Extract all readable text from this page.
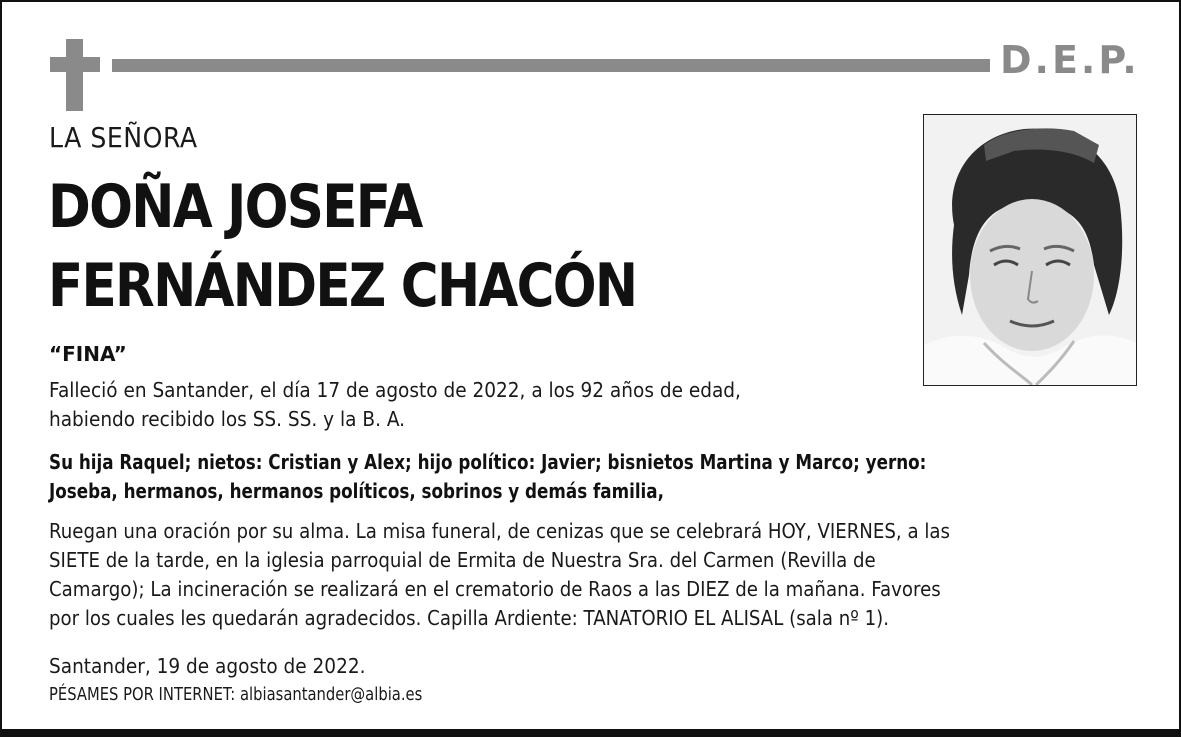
D.E.P.
LA SEÑORA
DOÑA JOSEFA
FERNÁNDEZ CHACÓN
“FINA”
Falleció en Santander, el día 17 de agosto de 2022, a los 92 años de edad,
habiendo recibido los SS. SS. y la B. A.
Su hija Raquel; nietos: Cristian y Alex; hijo político: Javier; bisnietos Martina y Marco; yerno:
Joseba, hermanos, hermanos políticos, sobrinos y demás familia,
Ruegan una oración por su alma. La misa funeral, de cenizas que se celebrará HOY, VIERNES, a las
SIETE de la tarde, en la iglesia parroquial de Ermita de Nuestra Sra. del Carmen (Revilla de
Camargo); La incineración se realizará en el crematorio de Raos a las DIEZ de la mañana. Favores
por los cuales les quedarán agradecidos. Capilla Ardiente: TANATORIO EL ALISAL (sala nº 1).
Santander, 19 de agosto de 2022.
PÉSAMES POR INTERNET: albiasantander@albia.es
